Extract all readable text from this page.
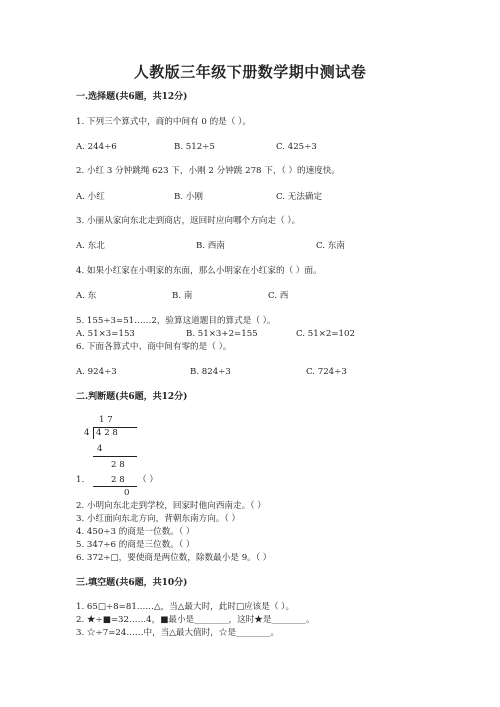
人教版三年级下册数学期中测试卷
一.选择题(共6题，共12分)
1. 下列三个算式中，商的中间有 0 的是（ ）。
A. 244÷6	B. 512÷5	C. 425÷3
2. 小红 3 分钟跳绳 623 下，小刚 2 分钟跳 278 下，（ ）的速度快。
A. 小红	B. 小刚	C. 无法确定
3. 小丽从家向东北走到商店，返回时应向哪个方向走（ ）。
A. 东北	B. 西南	C. 东南
4. 如果小红家在小明家的东面，那么小明家在小红家的（ ）面。
A. 东	B. 南	C. 西
5. 155÷3=51……2，验算这道题目的算式是（ ）。
A. 51×3=153	B. 51×3+2=155	C. 51×2=102
6. 下面各算式中、商中间有零的是（ ）。
A. 924÷3	B. 824÷3	C. 724÷3
二.判断题(共6题，共12分)
1 7
4 4 2 8
4
2 8
1.	2 8 （ ）
0
2. 小明向东北走到学校，回家时他向西南走。（ ）
3. 小红面向东北方向，背朝东南方向。（ ）
4. 450÷3 的商是一位数。（ ）
5. 347÷6 的商是三位数。（ ）
6. 372÷□，要使商是两位数，除数最小是 9。（ ）
三.填空题(共6题，共10分)
1. 65□÷8=81……△，当△最大时，此时□应该是（ ）。
2. ★÷■=32……4，■最小是________，这时★是________。
3. ☆÷7=24……中，当△最大值时，☆是________。
